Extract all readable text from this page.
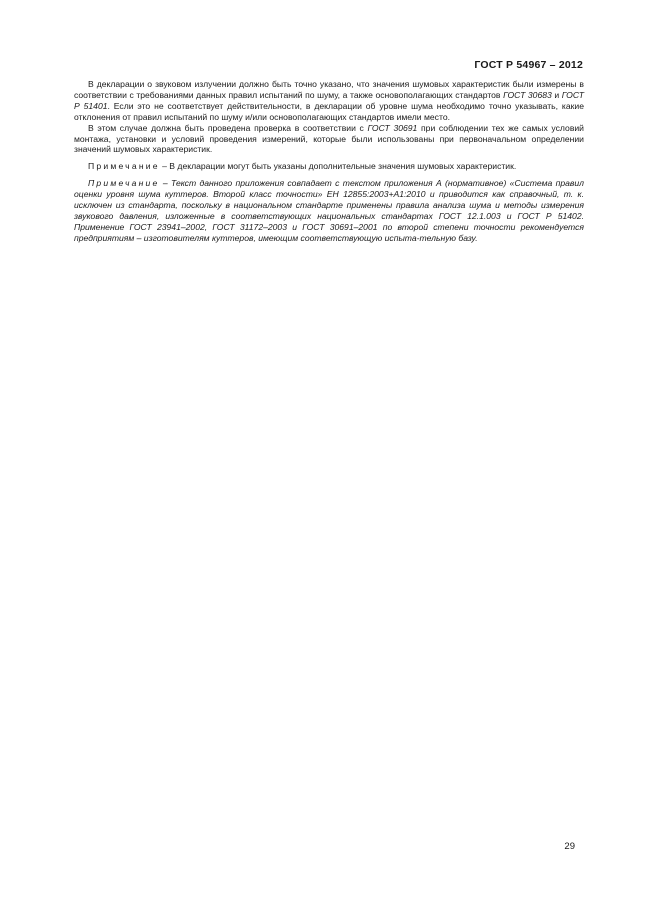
ГОСТ Р 54967 – 2012

В декларации о звуковом излучении должно быть точно указано, что значения шумовых характеристик были измерены в соответствии с требованиями данных правил испытаний по шуму, а также основополагающих стандартов ГОСТ 30683 и ГОСТ Р 51401. Если это не соответствует действительности, в декларации об уровне шума необходимо точно указывать, какие отклонения от правил испытаний по шуму и/или основополагающих стандартов имели место.

В этом случае должна быть проведена проверка в соответствии с ГОСТ 30691 при соблюдении тех же самых условий монтажа, установки и условий проведения измерений, которые были использованы при первоначальном определении значений шумовых характеристик.

Примечание – В декларации могут быть указаны дополнительные значения шумовых характеристик.

Примечание – Текст данного приложения совпадает с текстом приложения А (нормативное) «Система правил оценки уровня шума куттеров. Второй класс точности» ЕН 12855:2003+А1:2010 и приводится как справочный, т. к. исключен из стандарта, поскольку в национальном стандарте применены правила анализа шума и методы измерения звукового давления, изложенные в соответствующих национальных стандартах ГОСТ 12.1.003 и ГОСТ Р 51402. Применение ГОСТ 23941–2002, ГОСТ 31172–2003 и ГОСТ 30691–2001 по второй степени точности рекомендуется предприятиям – изготовителям куттеров, имеющим соответствующую испыта-тельную базу.

29
